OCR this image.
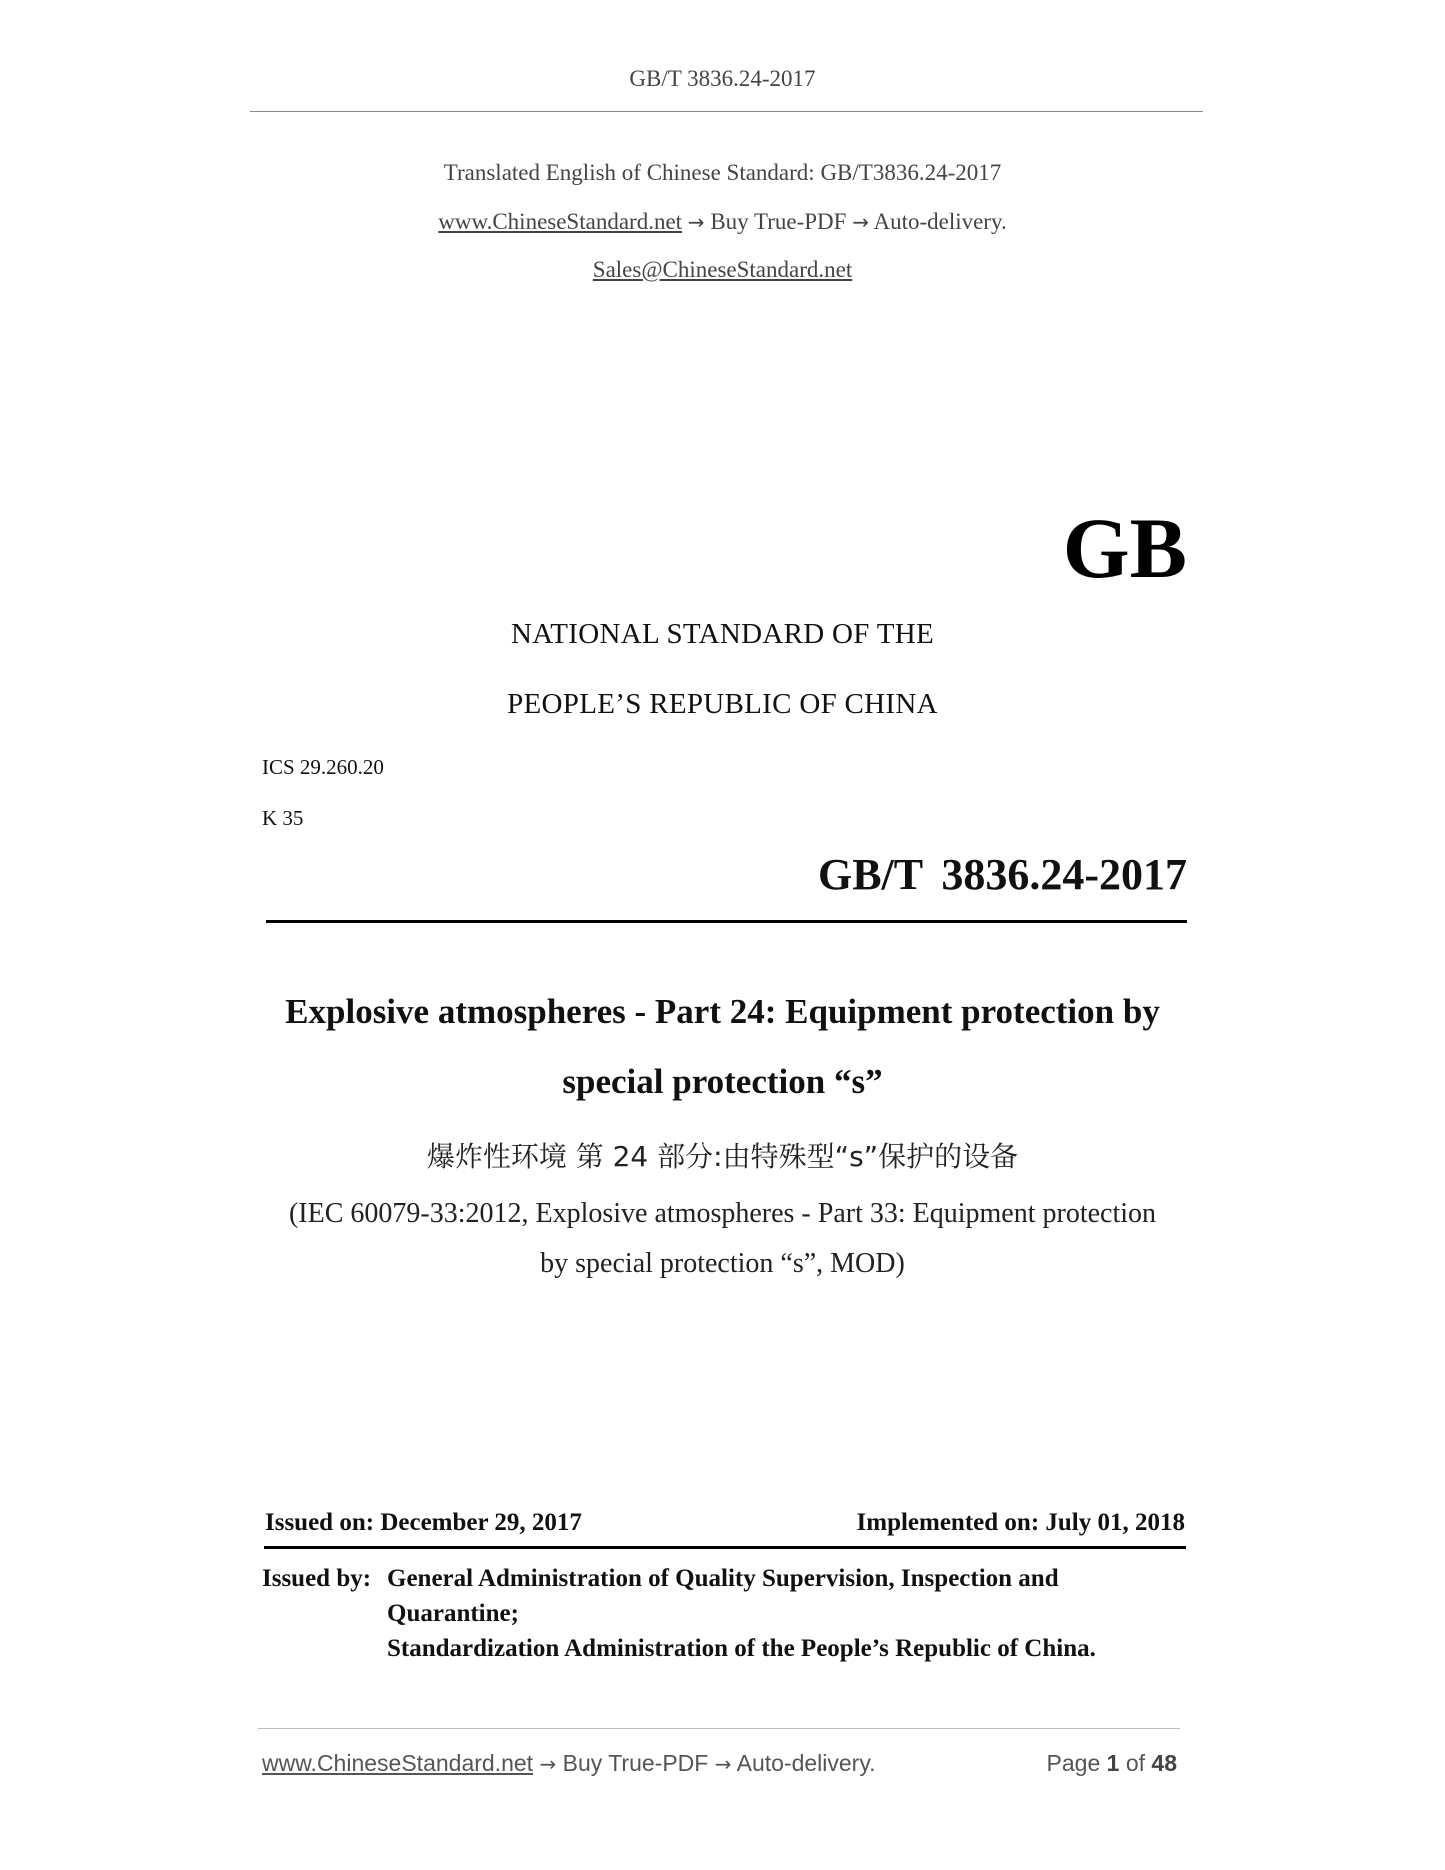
GB/T 3836.24-2017
Translated English of Chinese Standard: GB/T3836.24-2017
www.ChineseStandard.net → Buy True-PDF → Auto-delivery.
Sales@ChineseStandard.net
GB
NATIONAL STANDARD OF THE
PEOPLE’S REPUBLIC OF CHINA
ICS 29.260.20
K 35
GB/T 3836.24-2017
Explosive atmospheres - Part 24: Equipment protection by
special protection “s”
爆炸性环境 第 24 部分:由特殊型“s”保护的设备
(IEC 60079-33:2012, Explosive atmospheres - Part 33: Equipment protection
by special protection “s”, MOD)
Issued on: December 29, 2017	Implemented on: July 01, 2018
Issued by: General Administration of Quality Supervision, Inspection and
Quarantine;
Standardization Administration of the People’s Republic of China.
www.ChineseStandard.net → Buy True-PDF → Auto-delivery.	Page 1 of 48
